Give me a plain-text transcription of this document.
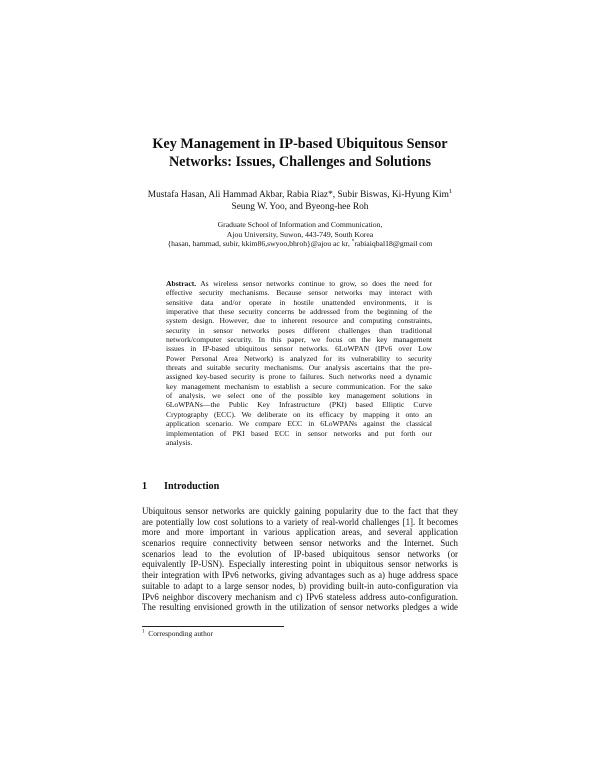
Key Management in IP-based Ubiquitous Sensor
Networks: Issues, Challenges and Solutions
Mustafa Hasan, Ali Hammad Akbar, Rabia Riaz*, Subir Biswas, Ki-Hyung Kim$^1$
Seung W. Yoo, and Byeong-hee Roh
Graduate School of Information and Communication,
Ajou University, Suwon, 443-749, South Korea
{hasan, hammad, subir, kkim86,swyoo,bhroh}@ajou ac kr, *rabiaiqbal18@gmail com
Abstract. As wireless sensor networks continue to grow, so does the need for
effective security mechanisms. Because sensor networks may interact with
sensitive data and/or operate in hostile unattended environments, it is
imperative that these security concerns be addressed from the beginning of the
system design. However, due to inherent resource and computing constraints,
security in sensor networks poses different challenges than traditional
network/computer security. In this paper, we focus on the key management
issues in IP-based ubiquitous sensor networks. 6LoWPAN (IPv6 over Low
Power Personal Area Network) is analyzed for its vulnerability to security
threats and suitable security mechanisms. Our analysis ascertains that the pre-
assigned key-based security is prone to failures. Such networks need a dynamic
key management mechanism to establish a secure communication. For the sake
of analysis, we select one of the possible key management solutions in
6LoWPANs—the Public Key Infrastructure (PKI) based Elliptic Curve
Cryptography (ECC). We deliberate on its efficacy by mapping it onto an
application scenario. We compare ECC in 6LoWPANs against the classical
implementation of PKI based ECC in sensor networks and put forth our
analysis.
1 Introduction
Ubiquitous sensor networks are quickly gaining popularity due to the fact that they
are potentially low cost solutions to a variety of real-world challenges [1]. It becomes
more and more important in various application areas, and several application
scenarios require connectivity between sensor networks and the Internet. Such
scenarios lead to the evolution of IP-based ubiquitous sensor networks (or
equivalently IP-USN). Especially interesting point in ubiquitous sensor networks is
their integration with IPv6 networks, giving advantages such as a) huge address space
suitable to adapt to a large sensor nodes, b) providing built-in auto-configuration via
IPv6 neighbor discovery mechanism and c) IPv6 stateless address auto-configuration.
The resulting envisioned growth in the utilization of sensor networks pledges a wide
$^1$ Corresponding author
